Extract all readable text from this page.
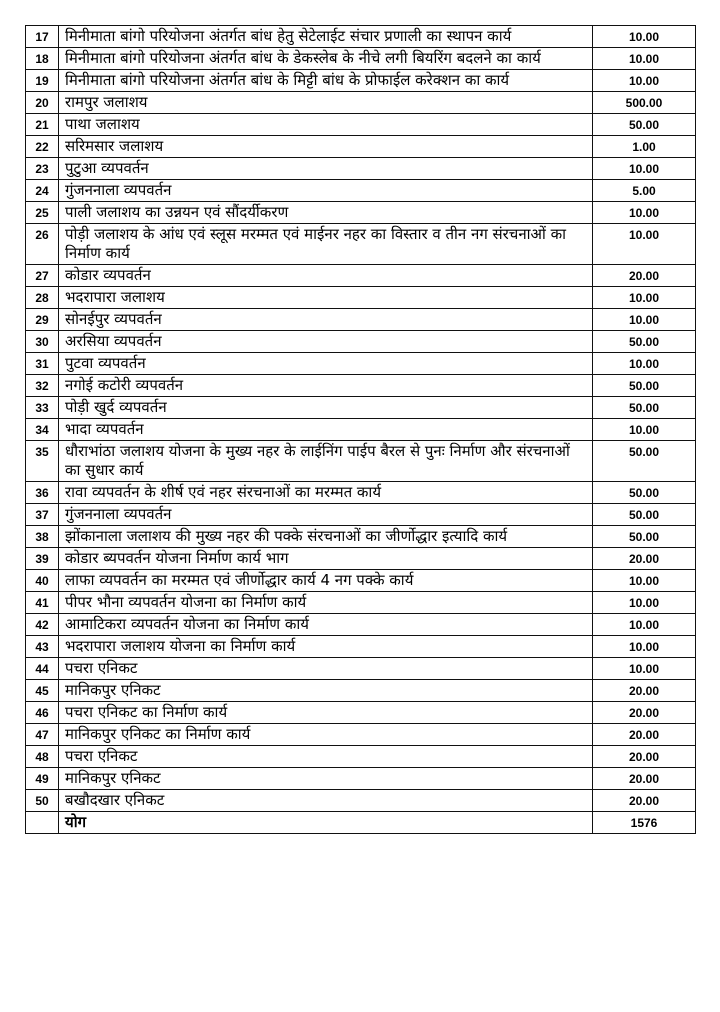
17	मिनीमाता बांगो परियोजना अंतर्गत बांध हेतु सेटेलाईट संचार प्रणाली का स्थापन कार्य	10.00
18	मिनीमाता बांगो परियोजना अंतर्गत बांध के डेकस्लेब के नीचे लगी बियरिंग बदलने का कार्य	10.00
19	मिनीमाता बांगो परियोजना अंतर्गत बांध के मिट्टी बांध के प्रोफाईल करेक्शन का कार्य	10.00
20	रामपुर जलाशय	500.00
21	पाथा जलाशय	50.00
22	सरिमसार जलाशय	1.00
23	पुटुआ व्यपवर्तन	10.00
24	गुंजननाला व्यपवर्तन	5.00
25	पाली जलाशय का उन्नयन एवं सौंदर्यीकरण	10.00
26	पोड़ी जलाशय के आंध एवं स्लूस मरम्मत एवं माईनर नहर का विस्तार व तीन नग संरचनाओं का निर्माण कार्य	10.00
27	कोडार व्यपवर्तन	20.00
28	भदरापारा जलाशय	10.00
29	सोनईपुर व्यपवर्तन	10.00
30	अरसिया व्यपवर्तन	50.00
31	पुटवा व्यपवर्तन	10.00
32	नगोई कटोरी व्यपवर्तन	50.00
33	पोड़ी खुर्द व्यपवर्तन	50.00
34	भादा व्यपवर्तन	10.00
35	धौराभांठा जलाशय योजना के मुख्य नहर के लाईनिंग पाईप बैरल से पुनः निर्माण और संरचनाओं का सुधार कार्य	50.00
36	रावा व्यपवर्तन के शीर्ष एवं नहर संरचनाओं का मरम्मत कार्य	50.00
37	गुंजननाला व्यपवर्तन	50.00
38	झोंकानाला जलाशय की मुख्य नहर की पक्के संरचनाओं का जीर्णोद्धार इत्यादि कार्य	50.00
39	कोडार ब्यपवर्तन योजना निर्माण कार्य भाग	20.00
40	लाफा व्यपवर्तन का मरम्मत एवं जीर्णोद्धार कार्य 4 नग पक्के कार्य	10.00
41	पीपर भौना व्यपवर्तन योजना का निर्माण कार्य	10.00
42	आमाटिकरा व्यपवर्तन योजना का निर्माण कार्य	10.00
43	भदरापारा जलाशय योजना का निर्माण कार्य	10.00
44	पचरा एनिकट	10.00
45	मानिकपुर एनिकट	20.00
46	पचरा एनिकट का निर्माण कार्य	20.00
47	मानिकपुर एनिकट का निर्माण कार्य	20.00
48	पचरा एनिकट	20.00
49	मानिकपुर एनिकट	20.00
50	बखौदखार एनिकट	20.00
	योग	1576
